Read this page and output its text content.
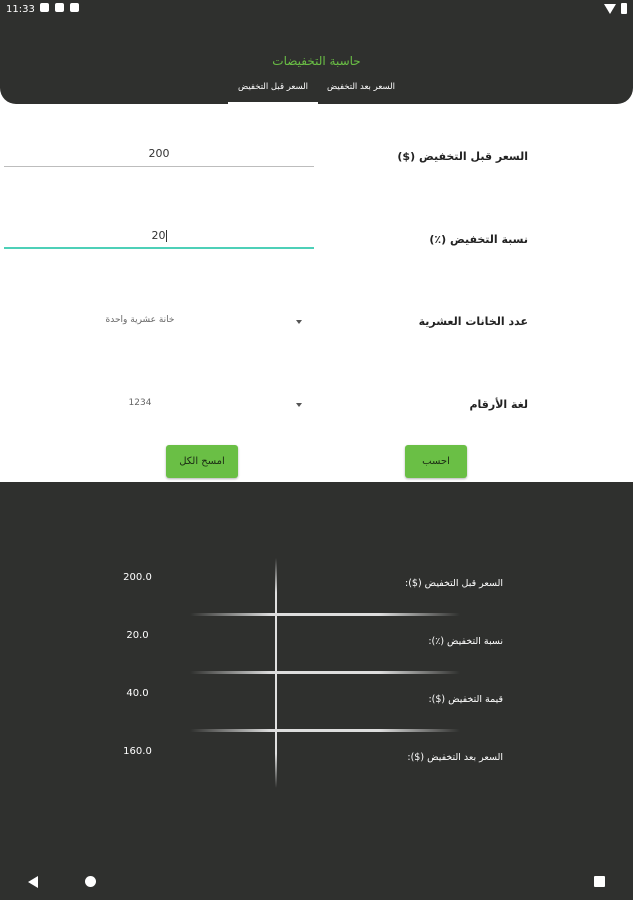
11:33
حاسبة التخفيضات
السعر قبل التخفيض	السعر بعد التخفيض
السعر قبل التخفيض ($)
200
نسبة التخفيض (٪)
20
عدد الخانات العشرية
خانة عشرية واحدة
لغة الأرقام
1234
امسح الكل	احسب
200.0
السعر قبل التخفيض ($):
20.0
نسبة التخفيض (٪):
40.0
قيمة التخفيض ($):
160.0
السعر بعد التخفيض ($):
